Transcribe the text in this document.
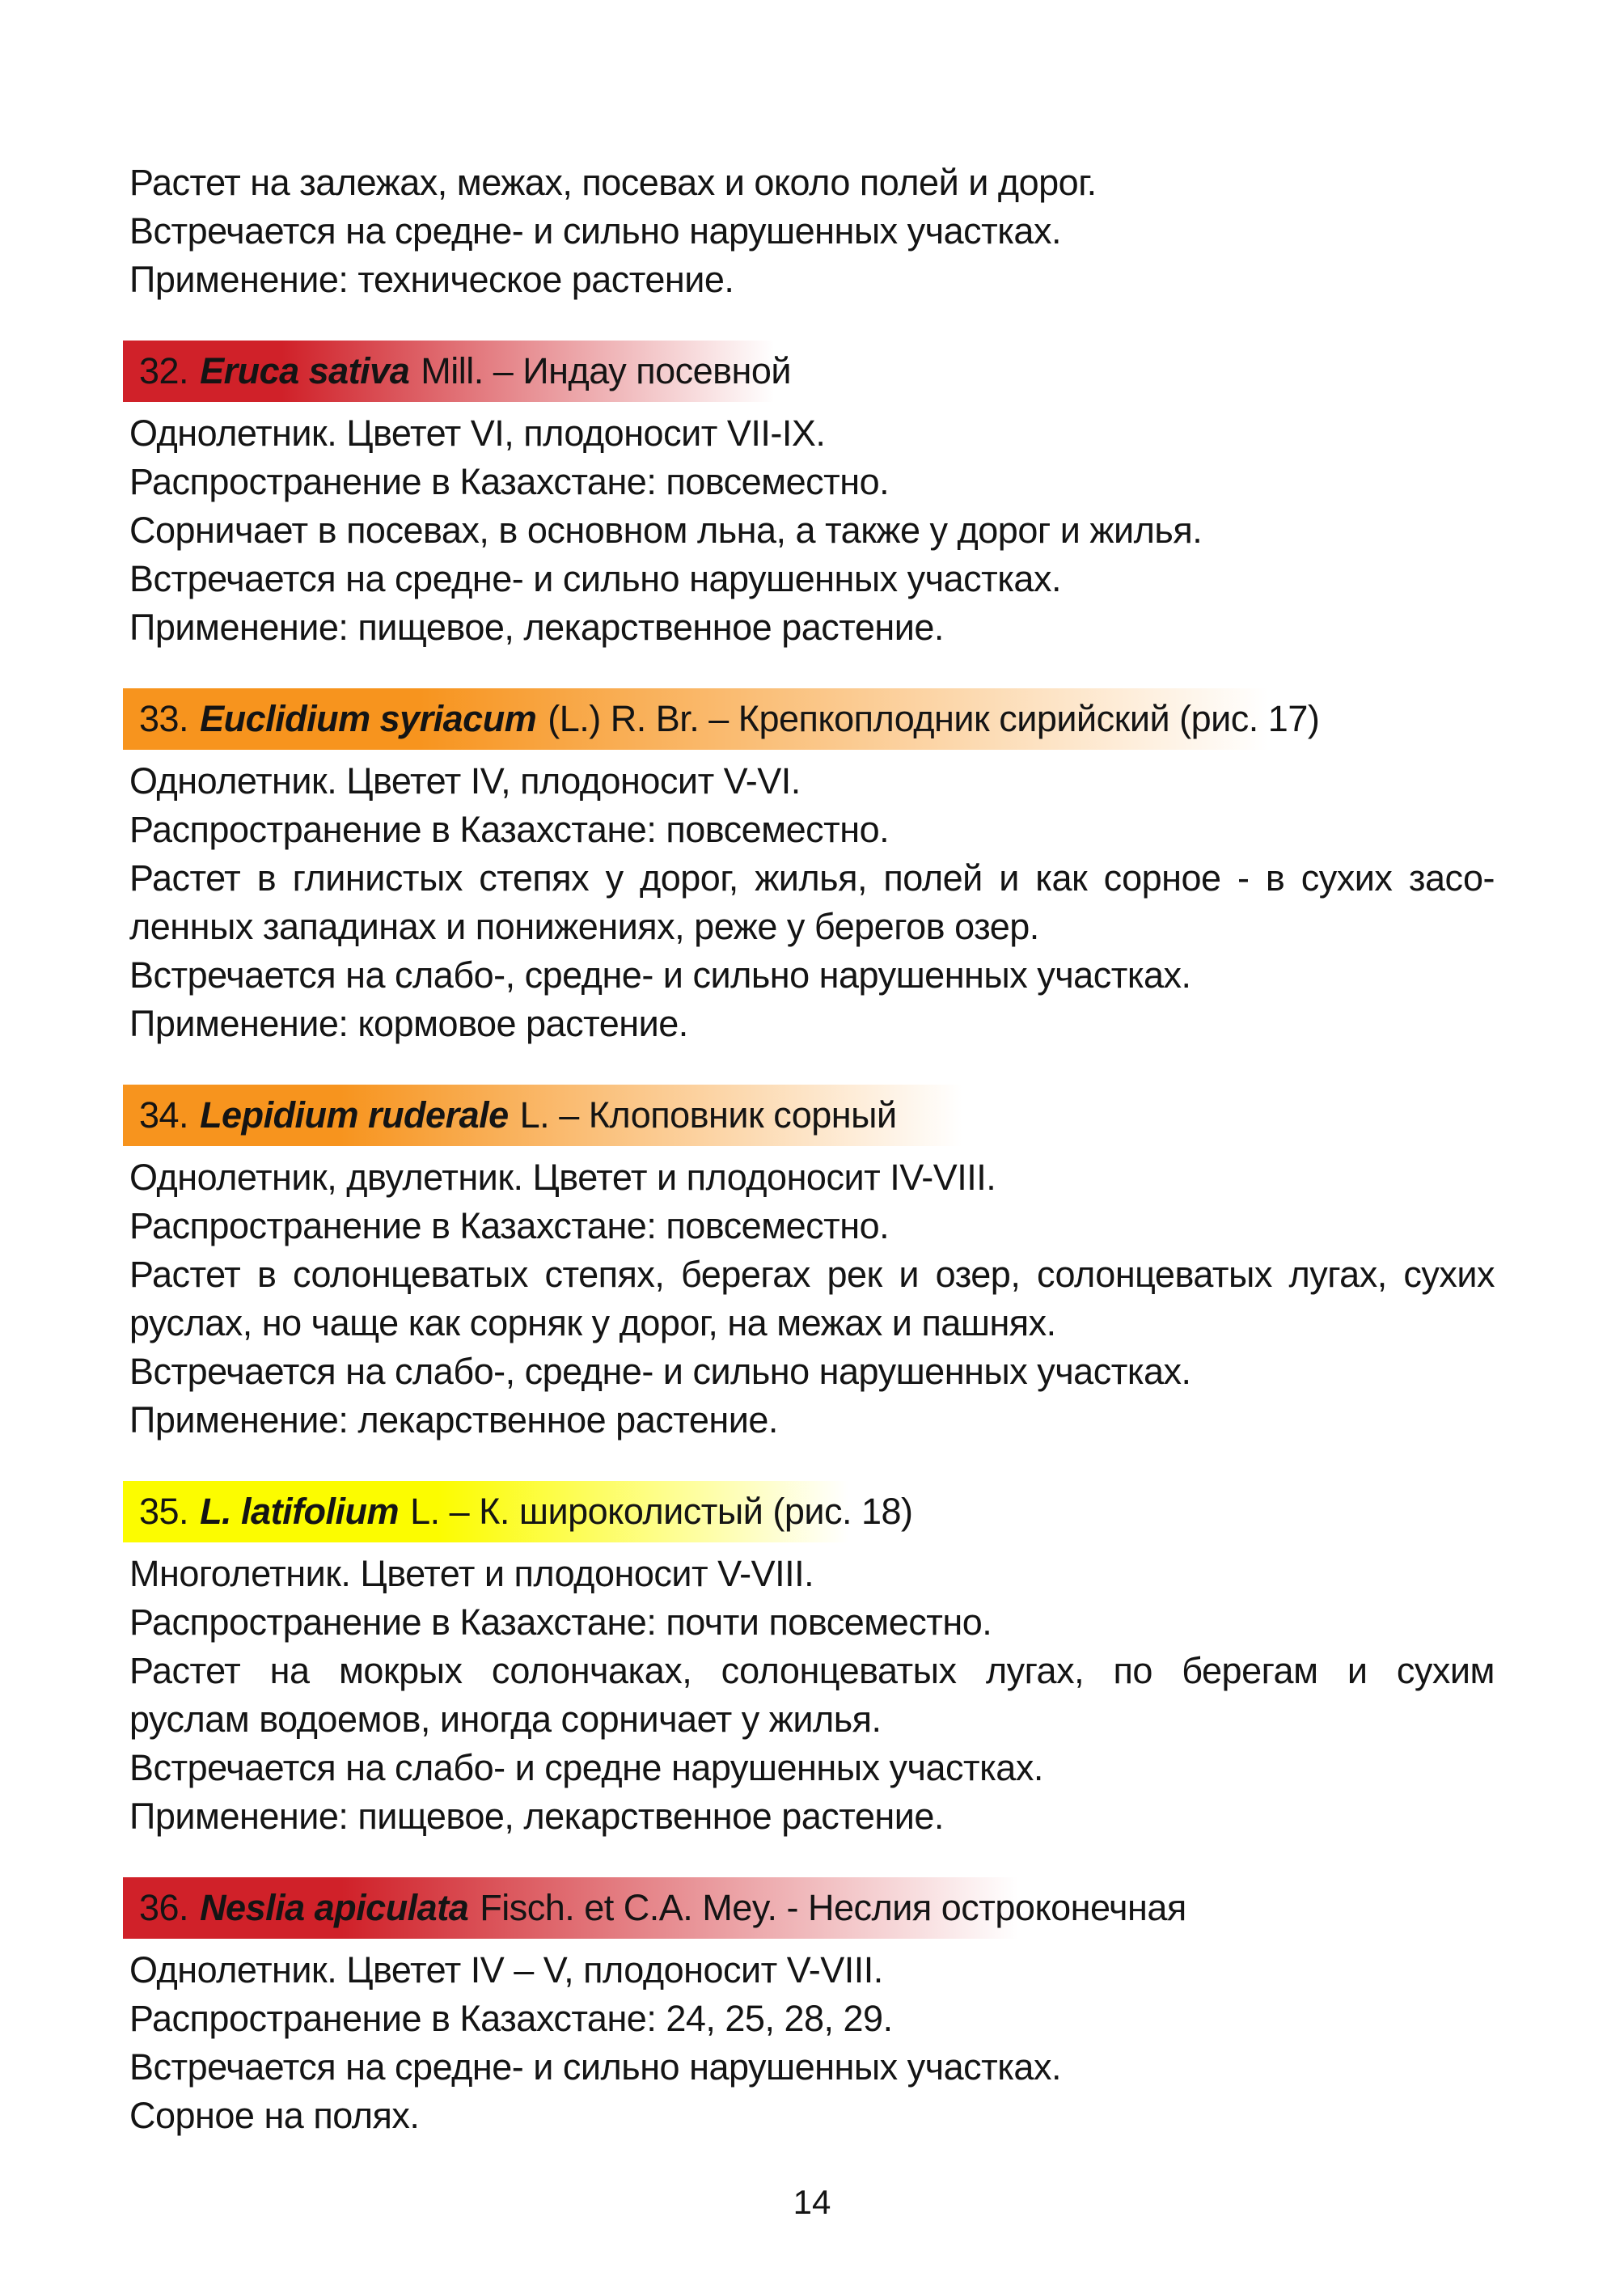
Растет на залежах, межах, посевах и около полей и дорог.

Встречается на средне- и сильно нарушенных участках.

Применение: техническое растение.

32. Eruca sativa Mill. – Индау посевной

Однолетник. Цветет VI, плодоносит VII-IX.

Распространение в Казахстане: повсеместно.

Сорничает в посевах, в основном льна, а также у дорог и жилья.

Встречается на средне- и сильно нарушенных участках.

Применение: пищевое, лекарственное растение.

33. Euclidium syriacum (L.) R. Br. – Крепкоплодник сирийский (рис. 17)

Однолетник. Цветет IV, плодоносит V-VI.

Распространение в Казахстане: повсеместно.

Растет в глинистых степях у дорог, жилья, полей и как сорное - в сухих засо-

ленных западинах и понижениях, реже у берегов озер.

Встречается на слабо-, средне- и сильно нарушенных участках.

Применение: кормовое растение.

34. Lepidium ruderale L. – Клоповник сорный

Однолетник, двулетник. Цветет и плодоносит IV-VIII.

Распространение в Казахстане: повсеместно.

Растет в солонцеватых степях, берегах рек и озер, солонцеватых лугах, сухих

руслах, но чаще как сорняк у дорог, на межах и пашнях.

Встречается на слабо-, средне- и сильно нарушенных участках.

Применение: лекарственное растение.

35. L. latifolium L. – К. широколистый (рис. 18)

Многолетник. Цветет и плодоносит V-VIII.

Распространение в Казахстане: почти повсеместно.

Растет на мокрых солончаках, солонцеватых лугах, по берегам и сухим

руслам водоемов, иногда сорничает у жилья.

Встречается на слабо- и средне нарушенных участках.

Применение: пищевое, лекарственное растение.

36. Neslia apiculata Fisch. et C.A. Mey. - Неслия остроконечная

Однолетник. Цветет IV – V, плодоносит V-VIII.

Распространение в Казахстане: 24, 25, 28, 29.

Встречается на средне- и сильно нарушенных участках.

Сорное на полях.

14
